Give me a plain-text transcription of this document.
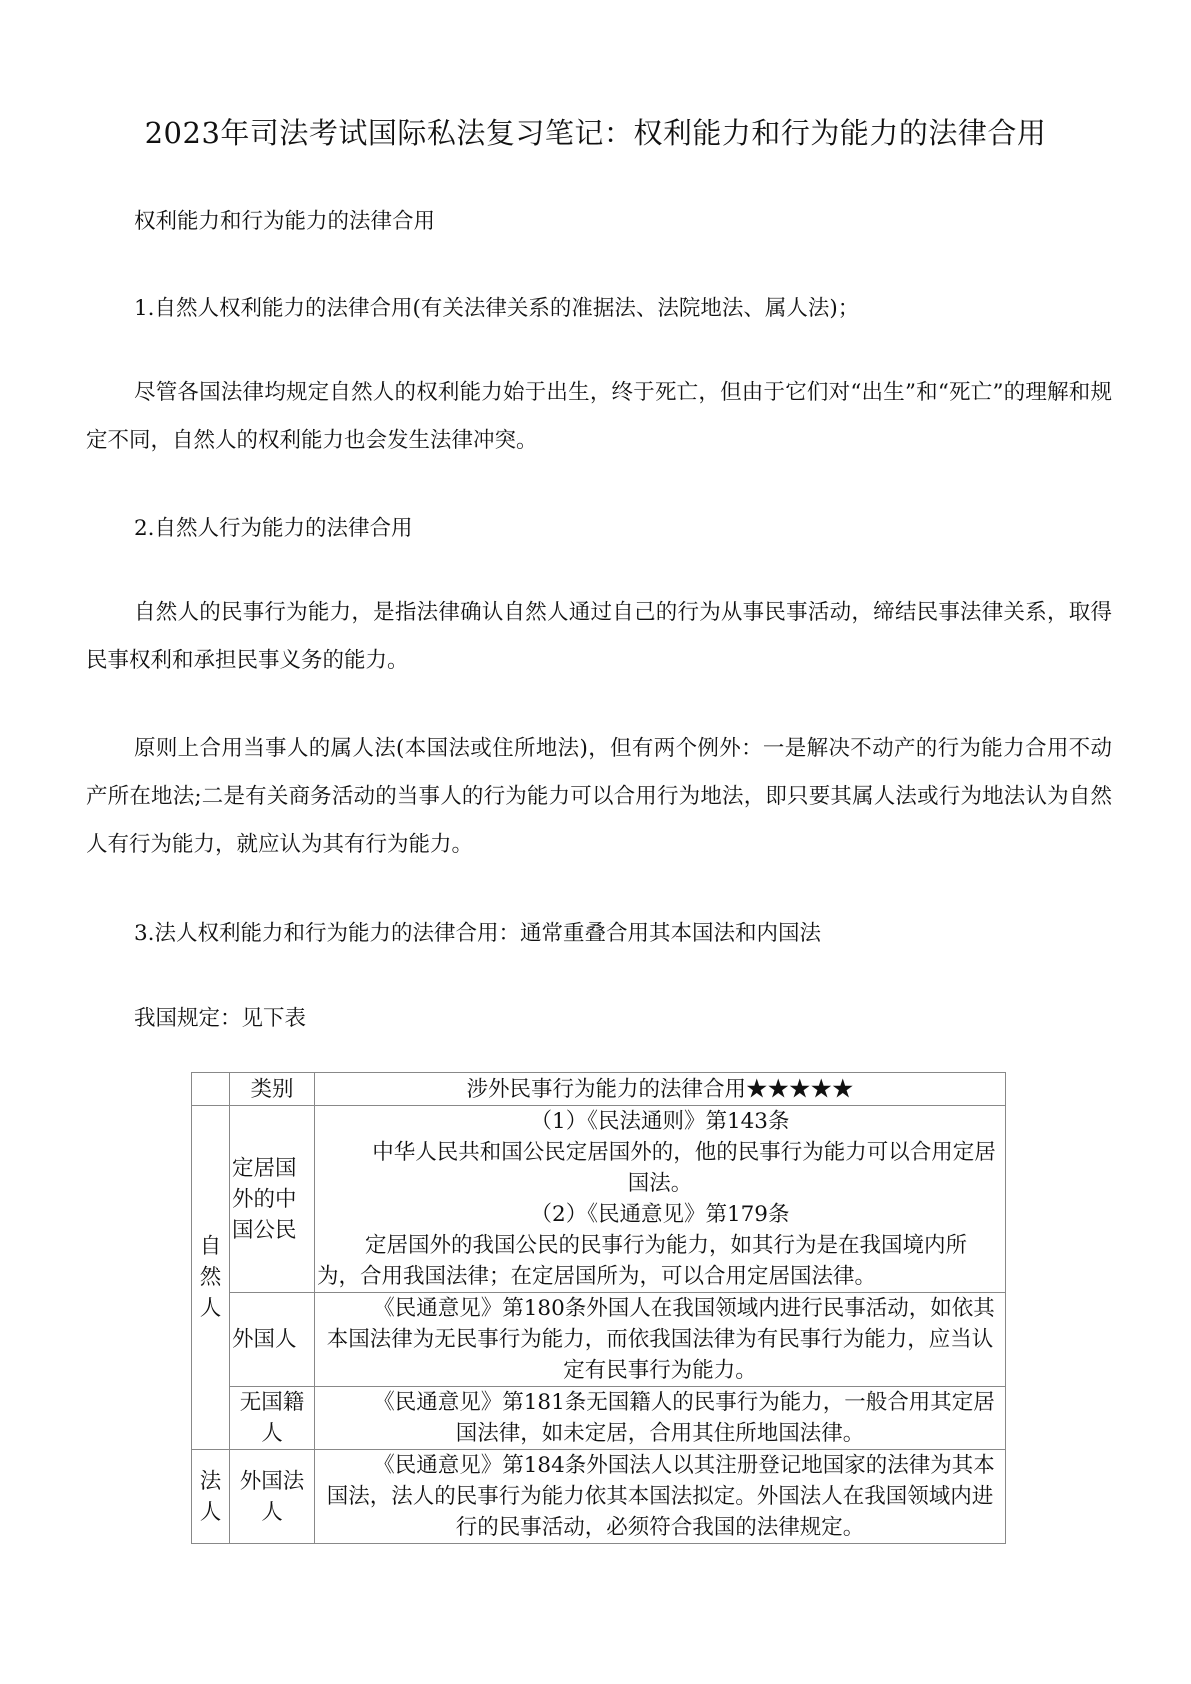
2023年司法考试国际私法复习笔记：权利能力和行为能力的法律合用

权利能力和行为能力的法律合用

1.自然人权利能力的法律合用(有关法律关系的准据法、法院地法、属人法)；

尽管各国法律均规定自然人的权利能力始于出生，终于死亡，但由于它们对“出生”和“死亡”的理解和规定不同，自然人的权利能力也会发生法律冲突。

2.自然人行为能力的法律合用

自然人的民事行为能力，是指法律确认自然人通过自己的行为从事民事活动，缔结民事法律关系，取得民事权利和承担民事义务的能力。

原则上合用当事人的属人法(本国法或住所地法)，但有两个例外：一是解决不动产的行为能力合用不动产所在地法;二是有关商务活动的当事人的行为能力可以合用行为地法，即只要其属人法或行为地法认为自然人有行为能力，就应认为其有行为能力。

3.法人权利能力和行为能力的法律合用：通常重叠合用其本国法和内国法

我国规定：见下表

	类别	涉外民事行为能力的法律合用★★★★★
自然人	定居国外的中国公民	（1）《民法通则》第143条
中华人民共和国公民定居国外的，他的民事行为能力可以合用定居国法。
（2）《民通意见》第179条
定居国外的我国公民的民事行为能力，如其行为是在我国境内所为，合用我国法律；在定居国所为，可以合用定居国法律。

	外国人	《民通意见》第180条外国人在我国领域内进行民事活动，如依其本国法律为无民事行为能力，而依我国法律为有民事行为能力，应当认定有民事行为能力。

	无国籍人	《民通意见》第181条无国籍人的民事行为能力，一般合用其定居国法律，如未定居，合用其住所地国法律。

法人	外国法人	《民通意见》第184条外国法人以其注册登记地国家的法律为其本国法，法人的民事行为能力依其本国法拟定。外国法人在我国领域内进行的民事活动，必须符合我国的法律规定。
